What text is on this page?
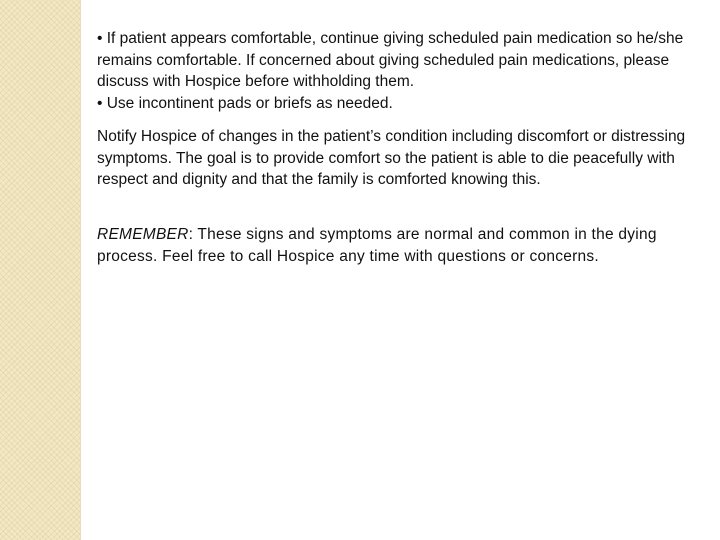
• If patient appears comfortable, continue giving scheduled pain medication so he/she remains comfortable. If concerned about giving scheduled pain medications, please discuss with Hospice before withholding them.

• Use incontinent pads or briefs as needed.

Notify Hospice of changes in the patient’s condition including discomfort or distressing symptoms. The goal is to provide comfort so the patient is able to die peacefully with respect and dignity and that the family is comforted knowing this.

REMEMBER: These signs and symptoms are normal and common in the dying process. Feel free to call Hospice any time with questions or concerns.
